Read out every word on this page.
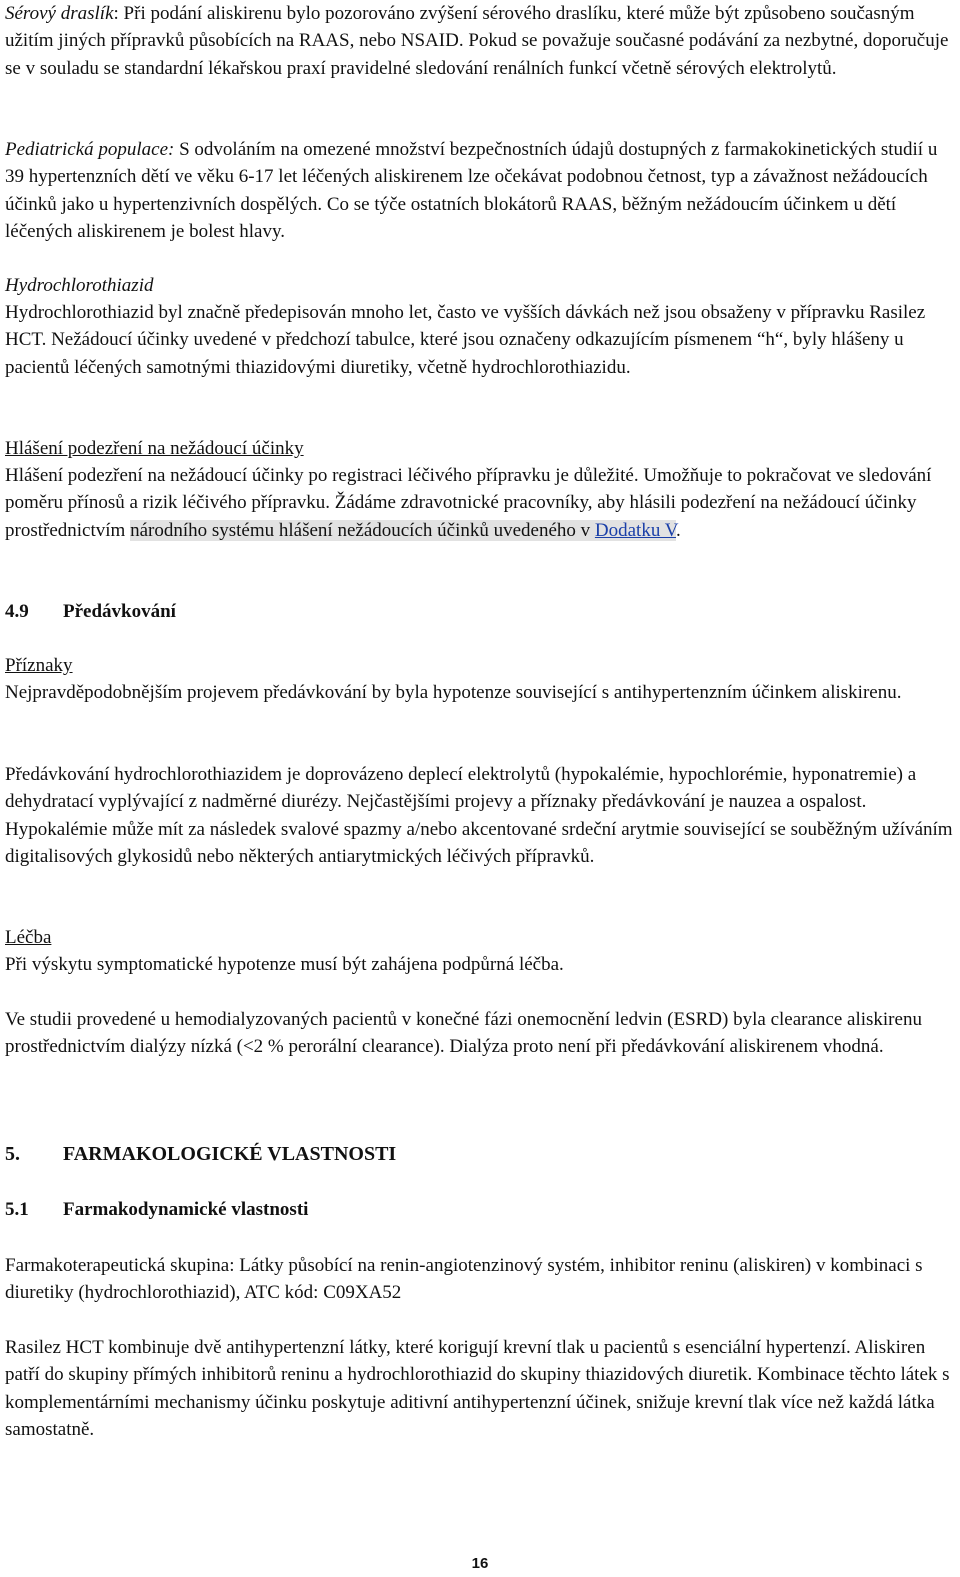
Sérový draslík: Při podání aliskirenu bylo pozorováno zvýšení sérového draslíku, které může být způsobeno současným užitím jiných přípravků působících na RAAS, nebo NSAID. Pokud se považuje současné podávání za nezbytné, doporučuje se v souladu se standardní lékařskou praxí pravidelné sledování renálních funkcí včetně sérových elektrolytů.

Pediatrická populace: S odvoláním na omezené množství bezpečnostních údajů dostupných z farmakokinetických studií u 39 hypertenzních dětí ve věku 6-17 let léčených aliskirenem lze očekávat podobnou četnost, typ a závažnost nežádoucích účinků jako u hypertenzivních dospělých. Co se týče ostatních blokátorů RAAS, běžným nežádoucím účinkem u dětí léčených aliskirenem je bolest hlavy.

Hydrochlorothiazid

Hydrochlorothiazid byl značně předepisován mnoho let, často ve vyšších dávkách než jsou obsaženy v přípravku Rasilez HCT. Nežádoucí účinky uvedené v předchozí tabulce, které jsou označeny odkazujícím písmenem “h“, byly hlášeny u pacientů léčených samotnými thiazidovými diuretiky, včetně hydrochlorothiazidu.

Hlášení podezření na nežádoucí účinky

Hlášení podezření na nežádoucí účinky po registraci léčivého přípravku je důležité. Umožňuje to pokračovat ve sledování poměru přínosů a rizik léčivého přípravku. Žádáme zdravotnické pracovníky, aby hlásili podezření na nežádoucí účinky prostřednictvím národního systému hlášení nežádoucích účinků uvedeného v Dodatku V.

4.9 Předávkování

Příznaky

Nejpravděpodobnějším projevem předávkování by byla hypotenze související s antihypertenzním účinkem aliskirenu.

Předávkování hydrochlorothiazidem je doprovázeno deplecí elektrolytů (hypokalémie, hypochlorémie, hyponatremie) a dehydratací vyplývající z nadměrné diurézy. Nejčastějšími projevy a příznaky předávkování je nauzea a ospalost. Hypokalémie může mít za následek svalové spazmy a/nebo akcentované srdeční arytmie související se souběžným užíváním digitalisových glykosidů nebo některých antiarytmických léčivých přípravků.

Léčba

Při výskytu symptomatické hypotenze musí být zahájena podpůrná léčba.

Ve studii provedené u hemodialyzovaných pacientů v konečné fázi onemocnění ledvin (ESRD) byla clearance aliskirenu prostřednictvím dialýzy nízká (<2 % perorální clearance). Dialýza proto není při předávkování aliskirenem vhodná.

5. FARMAKOLOGICKÉ VLASTNOSTI

5.1 Farmakodynamické vlastnosti

Farmakoterapeutická skupina: Látky působící na renin-angiotenzinový systém, inhibitor reninu (aliskiren) v kombinaci s diuretiky (hydrochlorothiazid), ATC kód: C09XA52

Rasilez HCT kombinuje dvě antihypertenzní látky, které korigují krevní tlak u pacientů s esenciální hypertenzí. Aliskiren patří do skupiny přímých inhibitorů reninu a hydrochlorothiazid do skupiny thiazidových diuretik. Kombinace těchto látek s komplementárními mechanismy účinku poskytuje aditivní antihypertenzní účinek, snižuje krevní tlak více než každá látka samostatně.

16
